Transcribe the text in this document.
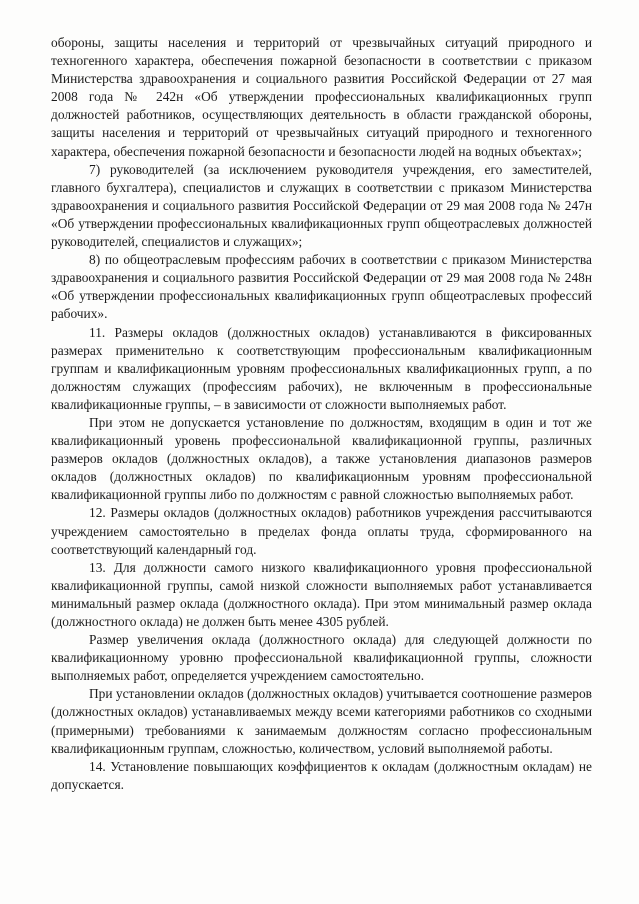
обороны, защиты населения и территорий от чрезвычайных ситуаций природного и техногенного характера, обеспечения пожарной безопасности в соответствии с приказом Министерства здравоохранения и социального развития Российской Федерации от 27 мая 2008 года № 242н «Об утверждении профессиональных квалификационных групп должностей работников, осуществляющих деятельность в области гражданской обороны, защиты населения и территорий от чрезвычайных ситуаций природного и техногенного характера, обеспечения пожарной безопасности и безопасности людей на водных объектах»;

7) руководителей (за исключением руководителя учреждения, его заместителей, главного бухгалтера), специалистов и служащих в соответствии с приказом Министерства здравоохранения и социального развития Российской Федерации от 29 мая 2008 года № 247н «Об утверждении профессиональных квалификационных групп общеотраслевых должностей руководителей, специалистов и служащих»;

8) по общеотраслевым профессиям рабочих в соответствии с приказом Министерства здравоохранения и социального развития Российской Федерации от 29 мая 2008 года № 248н «Об утверждении профессиональных квалификационных групп общеотраслевых профессий рабочих».

11. Размеры окладов (должностных окладов) устанавливаются в фиксированных размерах применительно к соответствующим профессиональным квалификационным группам и квалификационным уровням профессиональных квалификационных групп, а по должностям служащих (профессиям рабочих), не включенным в профессиональные квалификационные группы, – в зависимости от сложности выполняемых работ.

При этом не допускается установление по должностям, входящим в один и тот же квалификационный уровень профессиональной квалификационной группы, различных размеров окладов (должностных окладов), а также установления диапазонов размеров окладов (должностных окладов) по квалификационным уровням профессиональной квалификационной группы либо по должностям с равной сложностью выполняемых работ.

12. Размеры окладов (должностных окладов) работников учреждения рассчитываются учреждением самостоятельно в пределах фонда оплаты труда, сформированного на соответствующий календарный год.

13. Для должности самого низкого квалификационного уровня профессиональной квалификационной группы, самой низкой сложности выполняемых работ устанавливается минимальный размер оклада (должностного оклада). При этом минимальный размер оклада (должностного оклада) не должен быть менее 4305 рублей.

Размер увеличения оклада (должностного оклада) для следующей должности по квалификационному уровню профессиональной квалификационной группы, сложности выполняемых работ, определяется учреждением самостоятельно.

При установлении окладов (должностных окладов) учитывается соотношение размеров (должностных окладов) устанавливаемых между всеми категориями работников со сходными (примерными) требованиями к занимаемым должностям согласно профессиональным квалификационным группам, сложностью, количеством, условий выполняемой работы.

14. Установление повышающих коэффициентов к окладам (должностным окладам) не допускается.
